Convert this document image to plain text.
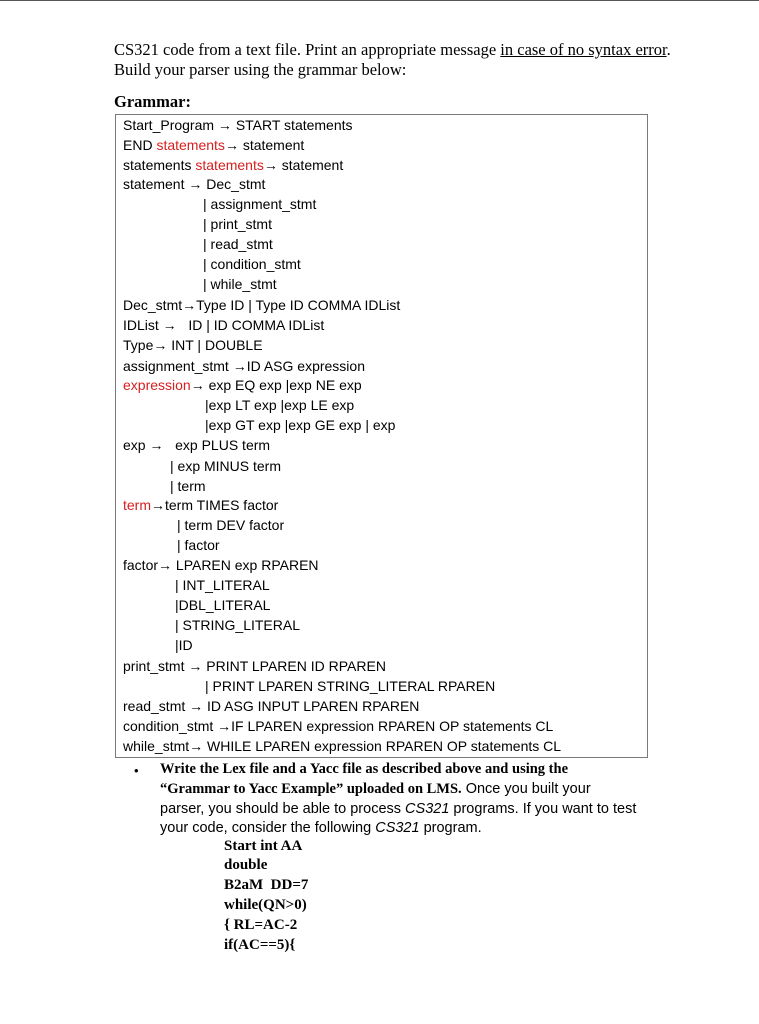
CS321 code from a text file. Print an appropriate message in case of no syntax error.
Build your parser using the grammar below:
Grammar:
Start_Program → START statements
END statements→ statement
statements statements→ statement
statement → Dec_stmt
| assignment_stmt
| print_stmt
| read_stmt
| condition_stmt
| while_stmt
Dec_stmt→Type ID | Type ID COMMA IDList
IDList →   ID | ID COMMA IDList
Type→ INT | DOUBLE
assignment_stmt →ID ASG expression
expression→ exp EQ exp |exp NE exp
|exp LT exp |exp LE exp
|exp GT exp |exp GE exp | exp
exp →   exp PLUS term
| exp MINUS term
| term
term→term TIMES factor
| term DEV factor
| factor
factor→ LPAREN exp RPAREN
| INT_LITERAL
|DBL_LITERAL
| STRING_LITERAL
|ID
print_stmt → PRINT LPAREN ID RPAREN
| PRINT LPAREN STRING_LITERAL RPAREN
read_stmt → ID ASG INPUT LPAREN RPAREN
condition_stmt →IF LPAREN expression RPAREN OP statements CL
while_stmt→ WHILE LPAREN expression RPAREN OP statements CL
• Write the Lex file and a Yacc file as described above and using the
“Grammar to Yacc Example” uploaded on LMS. Once you built your
parser, you should be able to process CS321 programs. If you want to test
your code, consider the following CS321 program.
Start int AA
double
B2aM  DD=7
while(QN>0)
{ RL=AC-2
if(AC==5){
